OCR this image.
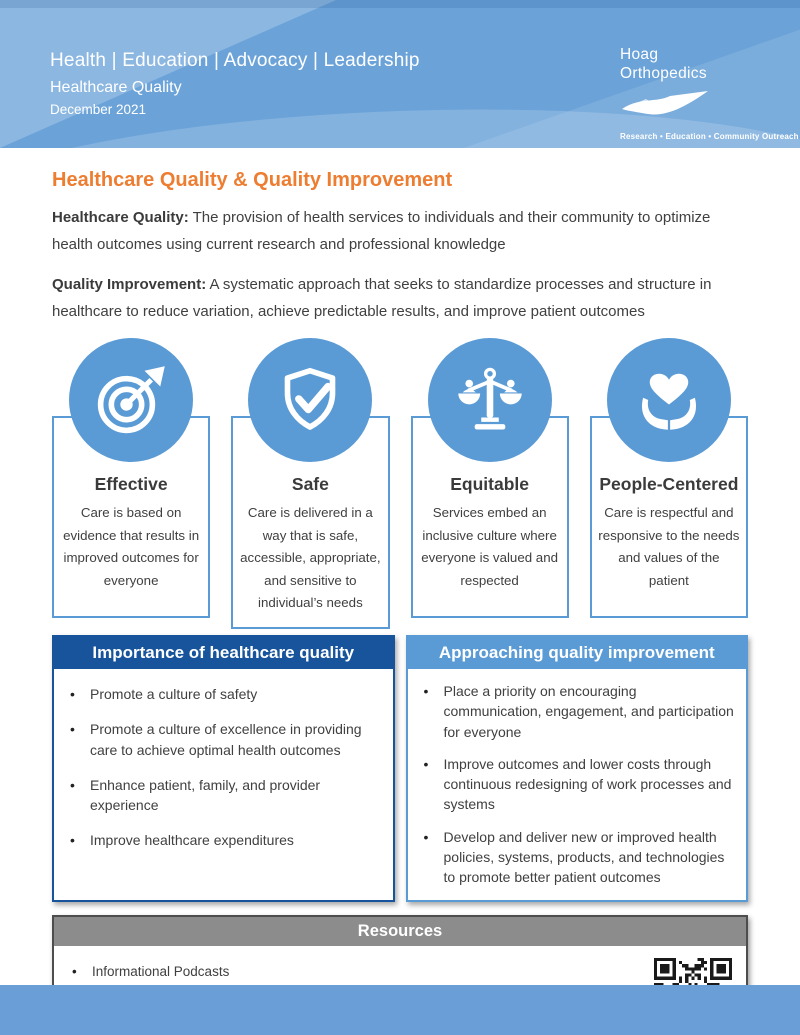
Health | Education | Advocacy | Leadership
Healthcare Quality
December 2021
Hoag
Orthopedics
Research • Education • Community Outreach
Healthcare Quality & Quality Improvement

Healthcare Quality: The provision of health services to individuals and their community to optimize health outcomes using current research and professional knowledge

Quality Improvement: A systematic approach that seeks to standardize processes and structure in healthcare to reduce variation, achieve predictable results, and improve patient outcomes

Effective
Care is based on evidence that results in improved outcomes for everyone
Safe
Care is delivered in a way that is safe, accessible, appropriate, and sensitive to individual’s needs
Equitable
Services embed an inclusive culture where everyone is valued and respected
People-Centered
Care is respectful and responsive to the needs and values of the patient
Importance of healthcare quality
• Promote a culture of safety
• Promote a culture of excellence in providing care to achieve optimal health outcomes
• Enhance patient, family, and provider experience
• Improve healthcare expenditures
Approaching quality improvement
• Place a priority on encouraging communication, engagement, and participation for everyone
• Improve outcomes and lower costs through continuous redesigning of work processes and systems
• Develop and deliver new or improved health policies, systems, products, and technologies to promote better patient outcomes
Resources
• Informational Podcasts
•
•
